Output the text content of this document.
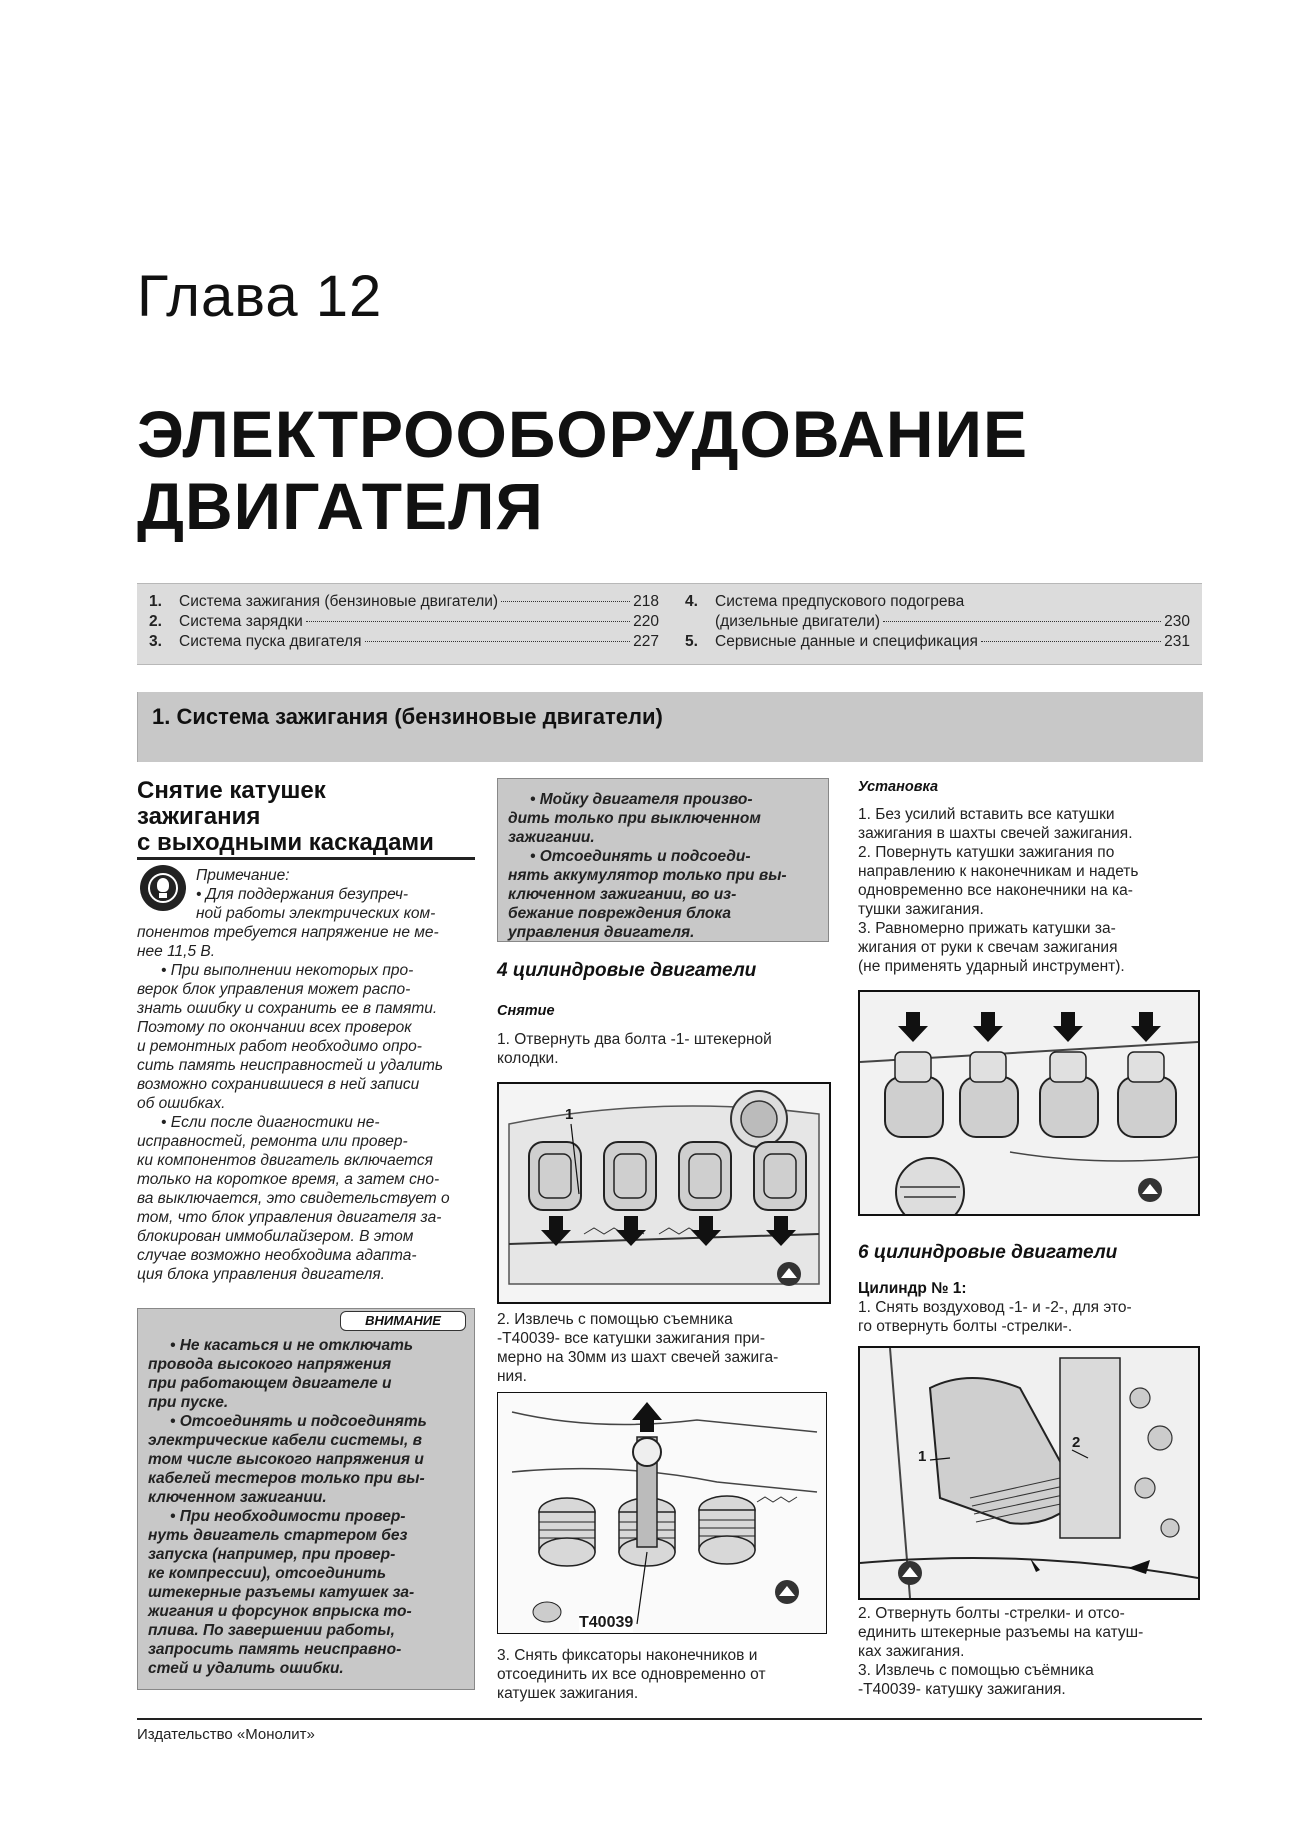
Глава 12
ЭЛЕКТРООБОРУДОВАНИЕ
ДВИГАТЕЛЯ
1.	Система зажигания (бензиновые двигатели)	218
2.	Система зарядки	220
3.	Система пуска двигателя	227
4.	Система предпускового подогрева
(дизельные двигатели)	230
5.	Сервисные данные и спецификация	231
1. Система зажигания (бензиновые двигатели)
Снятие катушек
зажигания
с выходными каскадами

Примечание:

• Для поддержания безупреч-

ной работы электрических ком-

понентов требуется напряжение не ме-

нее 11,5 В.

• При выполнении некоторых про-

верок блок управления может распо-

знать ошибку и сохранить ее в памяти.

Поэтому по окончании всех проверок

и ремонтных работ необходимо опро-

сить память неисправностей и удалить

возможно сохранившиеся в ней записи

об ошибках.

• Если после диагностики не-

исправностей, ремонта или провер-

ки компонентов двигатель включается

только на короткое время, а затем сно-

ва выключается, это свидетельствует о

том, что блок управления двигателя за-

блокирован иммобилайзером. В этом

случае возможно необходима адапта-

ция блока управления двигателя.

ВНИМАНИЕ

• Не касаться и не отключать

провода высокого напряжения

при работающем двигателе и

при пуске.

• Отсоединять и подсоединять

электрические кабели системы, в

том числе высокого напряжения и

кабелей тестеров только при вы-

ключенном зажигании.

• При необходимости провер-

нуть двигатель стартером без

запуска (например, при провер-

ке компрессии), отсоединить

штекерные разъемы катушек за-

жигания и форсунок впрыска то-

плива. По завершении работы,

запросить память неисправно-

стей и удалить ошибки.

• Мойку двигателя произво-

дить только при выключенном

зажигании.

• Отсоединять и подсоеди-

нять аккумулятор только при вы-

ключенном зажигании, во из-

бежание повреждения блока

управления двигателя.

4 цилиндровые двигатели
Снятие

1. Отвернуть два болта -1- штекерной

колодки.

1

2. Извлечь с помощью съемника

-T40039- все катушки зажигания при-

мерно на 30мм из шахт свечей зажига-

ния.

T40039

3. Снять фиксаторы наконечников и

отсоединить их все одновременно от

катушек зажигания.

Установка

1. Без усилий вставить все катушки

зажигания в шахты свечей зажигания.

2. Повернуть катушки зажигания по

направлению к наконечникам и надеть

одновременно все наконечники на ка-

тушки зажигания.

3. Равномерно прижать катушки за-

жигания от руки к свечам зажигания

(не применять ударный инструмент).

6 цилиндровые двигатели
Цилиндр № 1:

1. Снять воздуховод -1- и -2-, для это-

го отвернуть болты -стрелки-.

1
2

2. Отвернуть болты -стрелки- и отсо-

единить штекерные разъемы на катуш-

ках зажигания.

3. Извлечь с помощью съёмника

-T40039- катушку зажигания.

Издательство «Монолит»
